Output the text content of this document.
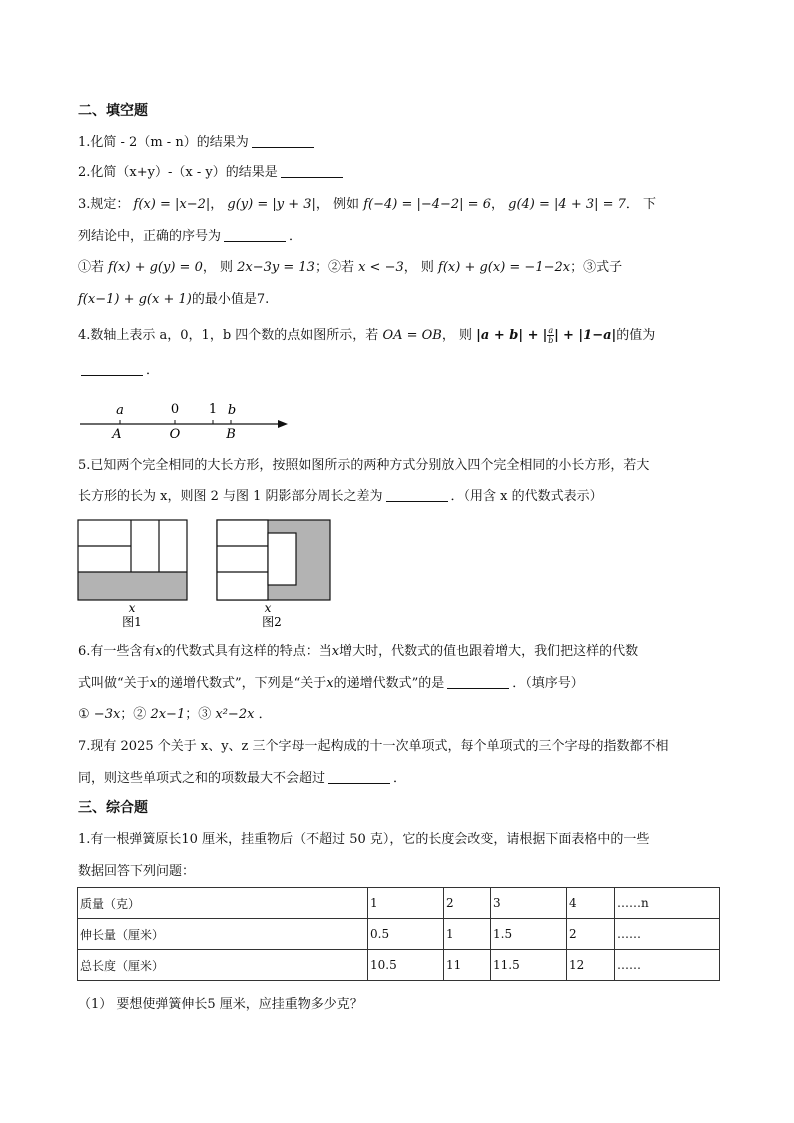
二、填空题
1.化简 - 2（m - n）的结果为
2.化简（x+y）-（x - y）的结果是
3.规定： f(x) = |x−2|， g(y) = |y + 3|， 例如 f(−4) = |−4−2| = 6， g(4) = |4 + 3| = 7． 下
列结论中，正确的序号为	．
①若 f(x) + g(y) = 0， 则 2x−3y = 13；②若 x < −3， 则 f(x) + g(x) = −1−2x；③式子
f(x−1) + g(x + 1)的最小值是7.
4.数轴上表示 a，0，1，b 四个数的点如图所示，若 OA = OB， 则 |a + b| + | $\frac{a}{b}$ | + |1−a|的值为
．
a	0 1 b
A	O	B
5.已知两个完全相同的大长方形，按照如图所示的两种方式分别放入四个完全相同的小长方形，若大
长方形的长为 x，则图 2 与图 1 阴影部分周长之差为	．（用含 x 的代数式表示）
x
图1
x
图2
6.有一些含有x的代数式具有这样的特点：当x增大时，代数式的值也跟着增大，我们把这样的代数
式叫做“关于x的递增代数式”，下列是“关于x的递增代数式”的是	．（填序号）
① −3x；② 2x−1；③ x²−2x ．
7.现有 2025 个关于 x、y、z 三个字母一起构成的十一次单项式，每个单项式的三个字母的指数都不相
同，则这些单项式之和的项数最大不会超过	．
三、综合题
1.有一根弹簧原长10 厘米，挂重物后（不超过 50 克），它的长度会改变，请根据下面表格中的一些
数据回答下列问题：
质量（克）	1	2	3	4	……n
伸长量（厘米）	0.5	1	1.5	2	……
总长度（厘米）	10.5	11	11.5	12	……
（1） 要想使弹簧伸长5 厘米，应挂重物多少克？
